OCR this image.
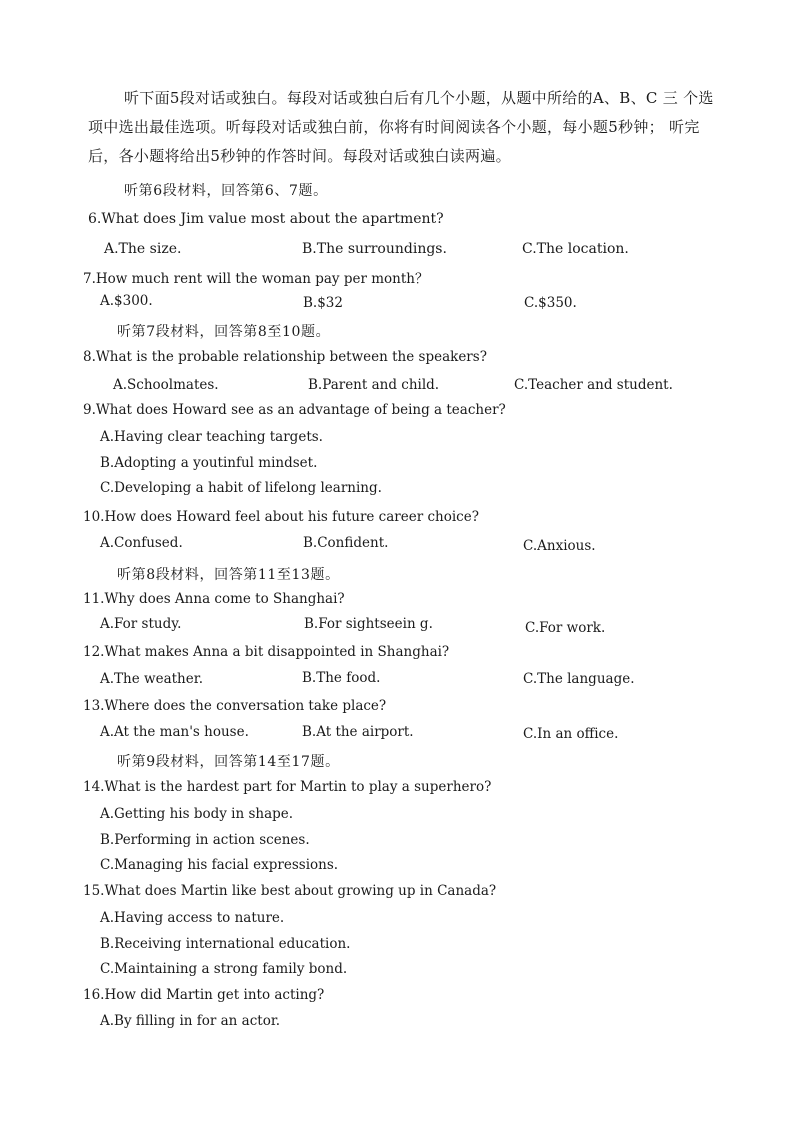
听下面5段对话或独白。每段对话或独白后有几个小题，从题中所给的A、B、C 三 个选项中选出最佳选项。听每段对话或独白前，你将有时间阅读各个小题，每小题5秒钟； 听完后，各小题将给出5秒钟的作答时间。每段对话或独白读两遍。
听第6段材料，回答第6、7题。
6.What does Jim value most about the apartment?
A.The size.	B.The surroundings.	C.The location.
7.How much rent will the woman pay per month？
A.$300.	B.$32	C.$350.
听第7段材料，回答第8至10题。
8.What is the probable relationship between the speakers?
A.Schoolmates.	B.Parent and child.	C.Teacher and student.
9.What does Howard see as an advantage of being a teacher?
A.Having clear teaching targets.
B.Adopting a youtinful mindset.
C.Developing a habit of lifelong learning.
10.How does Howard feel about his future career choice?
A.Confused.	B.Confident.	C.Anxious.
听第8段材料，回答第11至13题。
11.Why does Anna come to Shanghai?
A.For study.	B.For sightseein g.	C.For work.
12.What makes Anna a bit disappointed in Shanghai?
A.The weather.	B.The food.	C.The language.
13.Where does the conversation take place?
A.At the man's house.	B.At the airport.	C.In an office.
听第9段材料，回答第14至17题。
14.What is the hardest part for Martin to play a superhero?
A.Getting his body in shape.
B.Performing in action scenes.
C.Managing his facial expressions.
15.What does Martin like best about growing up in Canada?
A.Having access to nature.
B.Receiving international education.
C.Maintaining a strong family bond.
16.How did Martin get into acting?
A.By filling in for an actor.
